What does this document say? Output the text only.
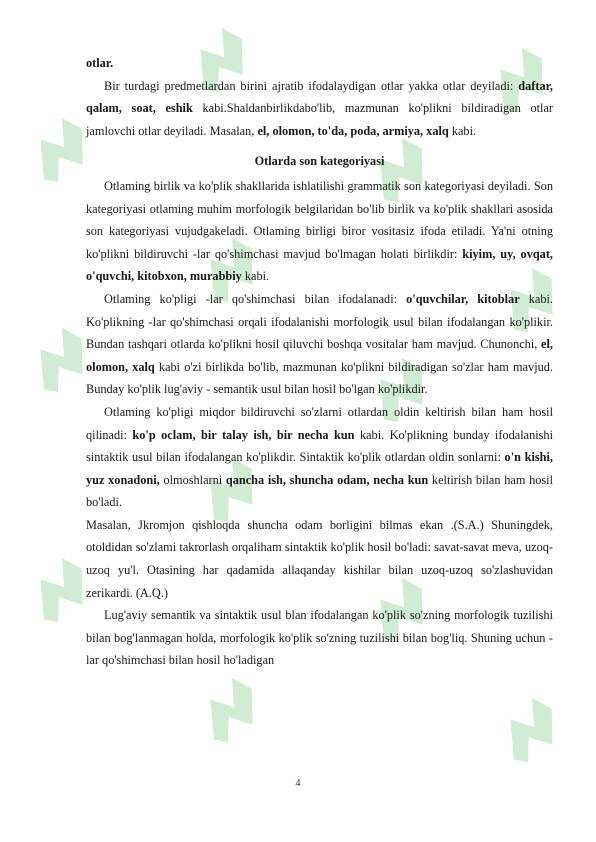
otlar.

Bir turdagi predmetlardan birini ajratib ifodalaydigan otlar yakka otlar deyiladi: daftar, qalam, soat, eshik kabi.Shaldanbirlikdabo'lib, mazmunan ko'plikni bildiradigan otlar jamlovchi otlar deyiladi. Masalan, el, olomon, to'da, poda, armiya, xalq kabi.

Otlarda son kategoriyasi

Otlaming birlik va ko'plik shakllarida ishlatilishi grammatik son kategoriyasi deyiladi. Son kategoriyasi otlaming muhim morfologik belgilaridan bo'lib birlik va ko'plik shakllari asosida son kategoriyasi vujudgakeladi. Otlaming birligi biror vositasiz ifoda etiladi. Ya'ni otning ko'plikni bildiruvchi -lar qo'shimchasi mavjud bo'lmagan holati birlikdir: kiyim, uy, ovqat, o'quvchi, kitobxon, murabbiy kabi.

Otlaming ko'pligi -lar qo'shimchasi bilan ifodalanadi: o'quvchilar, kitoblar kabi. Ko'plikning -lar qo'shimchasi orqali ifodalanishi morfologik usul bilan ifodalangan ko'plikir. Bundan tashqari otlarda ko'plikni hosil qiluvchi boshqa vositalar ham mavjud. Chunonchi, el, olomon, xalq kabi o'zi birlikda bo'lib, mazmunan ko'plikni bildiradigan so'zlar ham mavjud. Bunday ko'plik lug'aviy - semantik usul bilan hosil bo'lgan ko'plikdir.

Otlaming ko'pligi miqdor bildiruvchi so'zlarni otlardan oldin keltirish bilan ham hosil qilinadi: ko'p oclam, bir talay ish, bir necha kun kabi. Ko'plikning bunday ifodalanishi sintaktik usul bilan ifodalangan ko'plikdir. Sintaktik ko'plik otlardan oldin sonlarni: o'n kishi, yuz xonadoni, olmoshlarni qancha ish, shuncha odam, necha kun keltirish bilan ham hosil bo'ladi.

Masalan, Jkromjon qishloqda shuncha odam borligini bilmas ekan .(S.A.) Shuningdek, otoldidan so'zlami takrorlash orqaliham sintaktik ko'plik hosil bo'ladi: savat-savat meva, uzoq-uzoq yu'l. Otasining har qadamida allaqanday kishilar bilan uzoq-uzoq so'zlashuvidan zerikardi. (A.Q.)

Lug'aviy semantik va sintaktik usul blan ifodalangan ko'plik so'zning morfologik tuzilishi bilan bog'lanmagan holda, morfologik ko'plik so'zning tuzilishi bilan bog'liq. Shuning uchun -lar qo'shimchasi bilan hosil ho'ladigan

4
